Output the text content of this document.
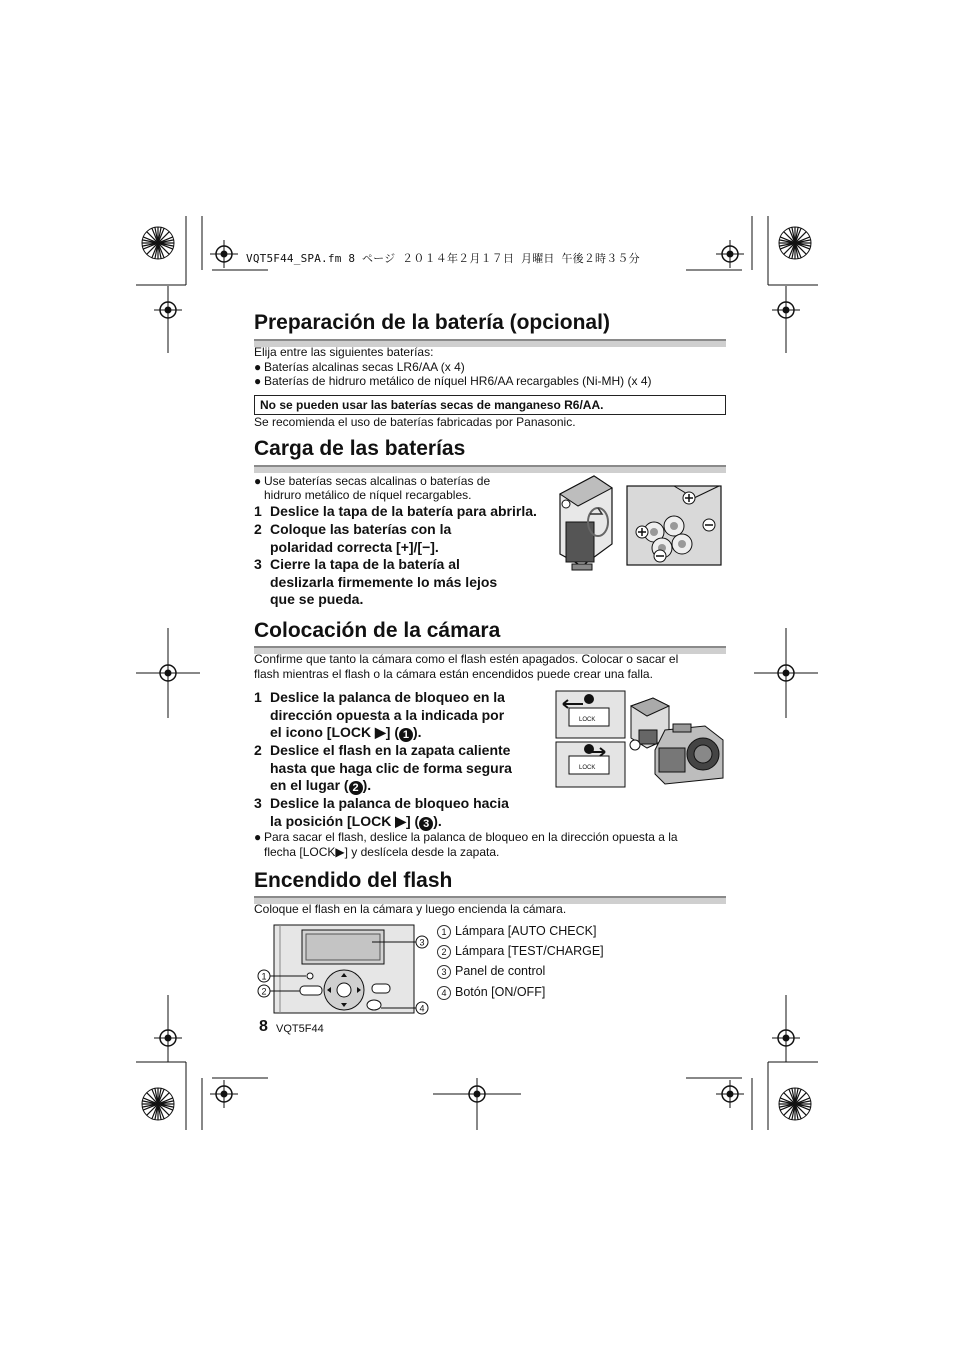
VQT5F44_SPA.fm 8 ページ ２０１４年２月１７日 月曜日 午後２時３５分
Preparación de la batería (opcional)
Elija entre las siguientes baterías:
● Baterías alcalinas secas LR6/AA (x 4)
● Baterías de hidruro metálico de níquel HR6/AA recargables (Ni-MH) (x 4)
No se pueden usar las baterías secas de manganeso R6/AA.
Se recomienda el uso de baterías fabricadas por Panasonic.
Carga de las baterías
● Use baterías secas alcalinas o baterías de
hidruro metálico de níquel recargables.
1 Deslice la tapa de la batería para abrirla.
2 Coloque las baterías con la
polaridad correcta [+]/[−].
3 Cierre la tapa de la batería al
deslizarla firmemente lo más lejos
que se pueda.
Colocación de la cámara
Confirme que tanto la cámara como el flash estén apagados. Colocar o sacar el
flash mientras el flash o la cámara están encendidos puede crear una falla.
1 Deslice la palanca de bloqueo en la
dirección opuesta a la indicada por
el icono [LOCK ▶] ( 1 ).
2 Deslice el flash en la zapata caliente
hasta que haga clic de forma segura
en el lugar ( 2 ).
3 Deslice la palanca de bloqueo hacia
la posición [LOCK ▶] ( 3 ).
● Para sacar el flash, deslice la palanca de bloqueo en la dirección opuesta a la
flecha [LOCK▶] y deslícela desde la zapata.
LOCK
LOCK
Encendido del flash
Coloque el flash en la cámara y luego encienda la cámara.
1
2
3
4
1 Lámpara [AUTO CHECK]
2 Lámpara [TEST/CHARGE]
3 Panel de control
4 Botón [ON/OFF]
8 VQT5F44
